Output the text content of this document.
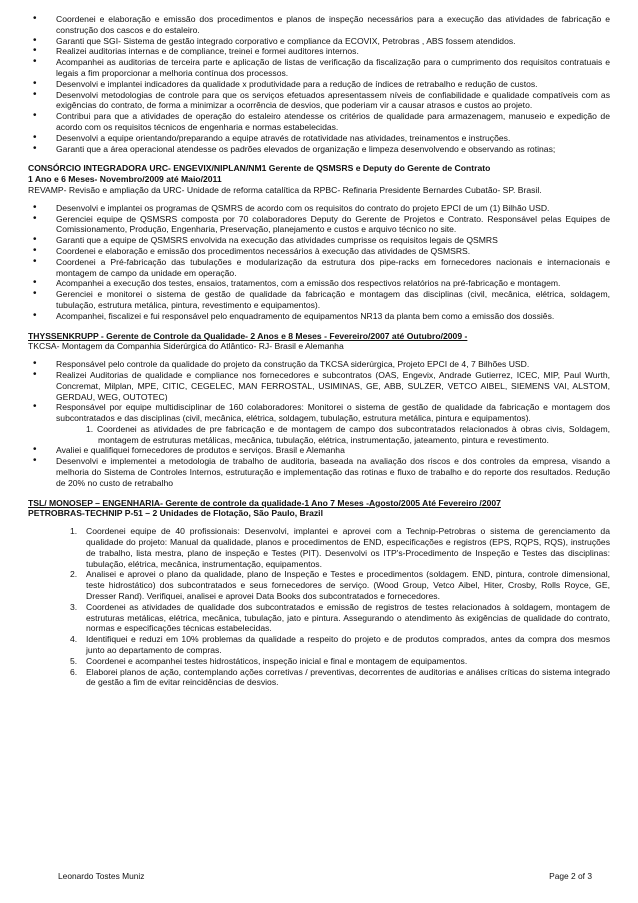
• Coordenei e elaboração e emissão dos procedimentos e planos de inspeção necessários para a execução das atividades de fabricação e construção dos cascos e do estaleiro.
• Garanti que SGI- Sistema de gestão integrado corporativo e compliance da ECOVIX, Petrobras , ABS fossem atendidos.
• Realizei auditorias internas e de compliance, treinei e formei auditores internos.
• Acompanhei as auditorias de terceira parte e aplicação de listas de verificação da fiscalização para o cumprimento dos requisitos contratuais e legais a fim proporcionar a melhoria contínua dos processos.
• Desenvolvi e implantei indicadores da qualidade x produtividade para a redução de índices de retrabalho e redução de custos.
• Desenvolvi metodologias de controle para que os serviços efetuados apresentassem níveis de confiabilidade e qualidade compatíveis com as exigências do contrato, de forma a minimizar a ocorrência de desvios, que poderiam vir a causar atrasos e custos ao projeto.
• Contribui para que a atividades de operação do estaleiro atendesse os critérios de qualidade para armazenagem, manuseio e expedição de acordo com os requisitos técnicos de engenharia e normas estabelecidas.
• Desenvolvi a equipe orientando/preparando a equipe através de rotatividade nas atividades, treinamentos e instruções.
• Garanti que a área operacional atendesse os padrões elevados de organização e limpeza desenvolvendo e observando as rotinas;
CONSÓRCIO INTEGRADORA URC- ENGEVIX/NIPLAN/NM1 Gerente de QSMSRS e Deputy do Gerente de Contrato
1 Ano e 6 Meses- Novembro/2009 até Maio/2011
REVAMP- Revisão e ampliação da URC- Unidade de reforma catalítica da RPBC- Refinaria Presidente Bernardes Cubatão- SP. Brasil.
• Desenvolvi e implantei os programas de QSMRS de acordo com os requisitos do contrato do projeto EPCI de um (1) Bilhão USD.
• Gerenciei equipe de QSMSRS composta por 70 colaboradores Deputy do Gerente de Projetos e Contrato. Responsável pelas Equipes de Comissionamento, Produção, Engenharia, Preservação, planejamento e custos e arquivo técnico no site.
• Garanti que a equipe de QSMSRS envolvida na execução das atividades cumprisse os requisitos legais de QSMRS
• Coordenei e elaboração e emissão dos procedimentos necessários à execução das atividades de QSMSRS.
• Coordenei a Pré-fabricação das tubulações e modularização da estrutura dos pipe-racks em fornecedores nacionais e internacionais e montagem de campo da unidade em operação.
• Acompanhei a execução dos testes, ensaios, tratamentos, com a emissão dos respectivos relatórios na pré-fabricação e montagem.
• Gerenciei e monitorei o sistema de gestão de qualidade da fabricação e montagem das disciplinas (civil, mecânica, elétrica, soldagem, tubulação, estrutura metálica, pintura, revestimento e equipamentos).
• Acompanhei, fiscalizei e fui responsável pelo enquadramento de equipamentos NR13 da planta bem como a emissão dos dossiês.
THYSSENKRUPP - Gerente de Controle da Qualidade- 2 Anos e 8 Meses - Fevereiro/2007 até Outubro/2009 -
TKCSA- Montagem da Companhia Siderúrgica do Atlântico- RJ- Brasil e Alemanha
• Responsável pelo controle da qualidade do projeto da construção da TKCSA siderúrgica, Projeto EPCI de 4, 7 Bilhões USD.
• Realizei Auditorias de qualidade e compliance nos fornecedores e subcontratos (OAS, Engevix, Andrade Gutierrez, ICEC, MIP, Paul Wurth, Concremat, Milplan, MPE, CITIC, CEGELEC, MAN FERROSTAL, USIMINAS, GE, ABB, SULZER, VETCO AIBEL, SIEMENS VAI, ALSTOM, GERDAU, WEG, OUTOTEC)
• Responsável por equipe multidisciplinar de 160 colaboradores: Monitorei o sistema de gestão de qualidade da fabricação e montagem dos subcontratados e das disciplinas (civil, mecânica, elétrica, soldagem, tubulação, estrutura metálica, pintura e equipamentos).
1. Coordenei as atividades de pre fabricação e de montagem de campo dos subcontratados relacionados à obras civis, Soldagem, montagem de estruturas metálicas, mecânica, tubulação, elétrica, instrumentação, jateamento, pintura e revestimento.
• Avaliei e qualifiquei fornecedores de produtos e serviços. Brasil e Alemanha
• Desenvolvi e implementei a metodologia de trabalho de auditoria, baseada na avaliação dos riscos e dos controles da empresa, visando a melhoria do Sistema de Controles Internos, estruturação e implementação das rotinas e fluxo de trabalho e do reporte dos resultados. Redução de 20% no custo de retrabalho
TSL/ MONOSEP – ENGENHARIA- Gerente de controle da qualidade-1 Ano 7 Meses -Agosto/2005 Até Fevereiro /2007
PETROBRAS-TECHNIP P-51 – 2 Unidades de Flotação, São Paulo, Brazil
1. Coordenei equipe de 40 profissionais: Desenvolvi, implantei e aprovei com a Technip-Petrobras o sistema de gerenciamento da qualidade do projeto: Manual da qualidade, planos e procedimentos de END, especificações e registros (EPS, RQPS, RQS), instruções de trabalho, lista mestra, plano de inspeção e Testes (PIT). Desenvolvi os ITP's-Procedimento de Inspeção e Testes das disciplinas: tubulação, elétrica, mecânica, instrumentação, equipamentos.
2. Analisei e aprovei o plano da qualidade, plano de Inspeção e Testes e procedimentos (soldagem. END, pintura, controle dimensional, teste hidrostático) dos subcontratados e seus fornecedores de serviço. (Wood Group, Vetco Aibel, Hiter, Crosby, Rolls Royce, GE, Dresser Rand). Verifiquei, analisei e aprovei Data Books dos subcontratados e fornecedores.
3. Coordenei as atividades de qualidade dos subcontratados e emissão de registros de testes relacionados à soldagem, montagem de estruturas metálicas, elétrica, mecânica, tubulação, jato e pintura. Assegurando o atendimento às exigências de qualidade do contrato, normas e especificações técnicas estabelecidas.
4. Identifiquei e reduzi em 10% problemas da qualidade a respeito do projeto e de produtos comprados, antes da compra dos mesmos junto ao departamento de compras.
5. Coordenei e acompanhei testes hidrostáticos, inspeção inicial e final e montagem de equipamentos.
6. Elaborei planos de ação, contemplando ações corretivas / preventivas, decorrentes de auditorias e análises críticas do sistema integrado de gestão a fim de evitar reincidências de desvios.
Leonardo Tostes Muniz	Page 2 of 3
